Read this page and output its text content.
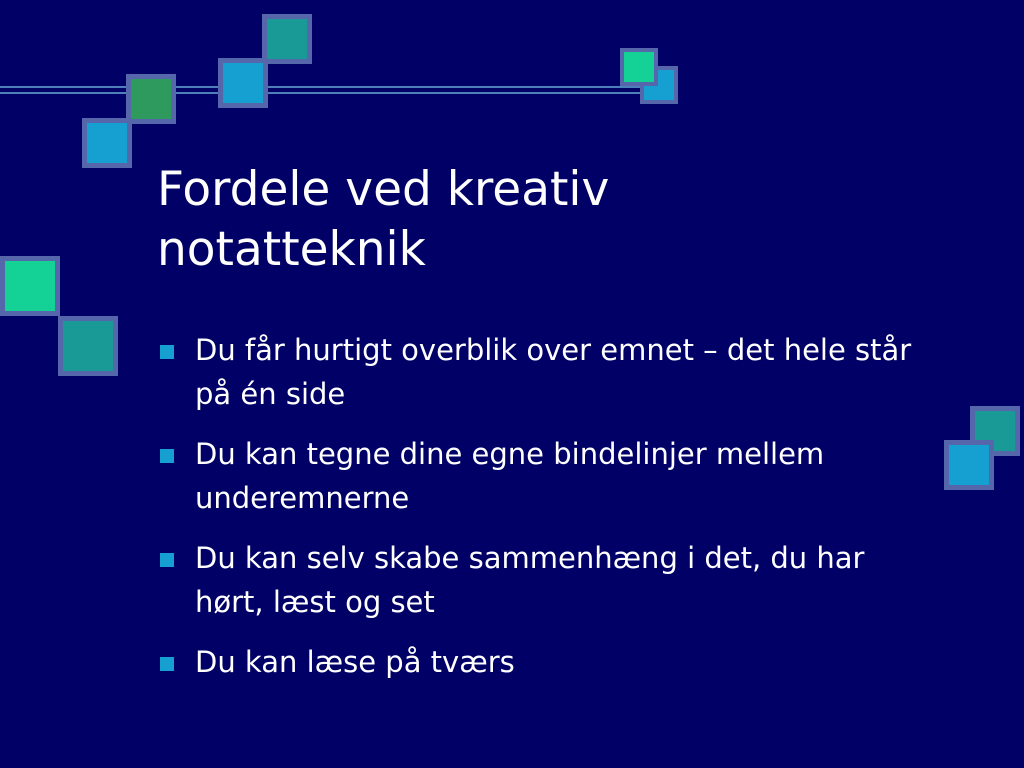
Fordele ved kreativ notatteknik
Du får hurtigt overblik over emnet – det hele står på én side
Du kan tegne dine egne bindelinjer mellem underemnerne
Du kan selv skabe sammenhæng i det, du har hørt, læst og set
Du kan læse på tværs
